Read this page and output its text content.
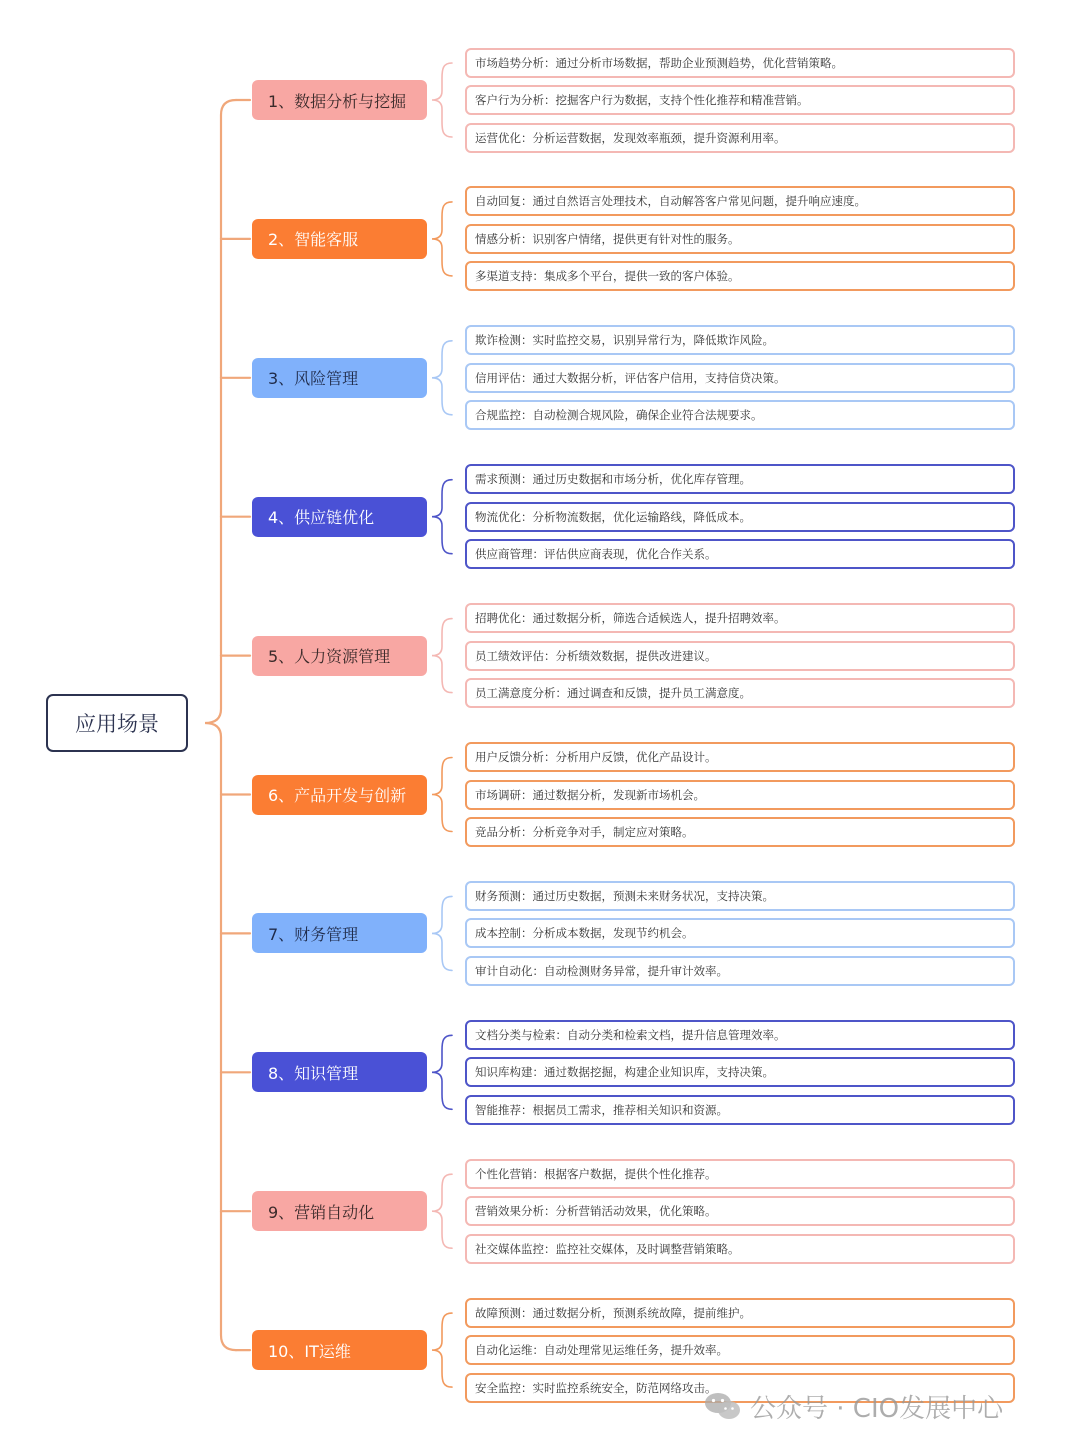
应用场景
1、数据分析与挖掘
市场趋势分析：通过分析市场数据，帮助企业预测趋势，优化营销策略。
客户行为分析：挖掘客户行为数据，支持个性化推荐和精准营销。
运营优化：分析运营数据，发现效率瓶颈，提升资源利用率。
2、智能客服
自动回复：通过自然语言处理技术，自动解答客户常见问题，提升响应速度。
情感分析：识别客户情绪，提供更有针对性的服务。
多渠道支持：集成多个平台，提供一致的客户体验。
3、风险管理
欺诈检测：实时监控交易，识别异常行为，降低欺诈风险。
信用评估：通过大数据分析，评估客户信用，支持信贷决策。
合规监控：自动检测合规风险，确保企业符合法规要求。
4、供应链优化
需求预测：通过历史数据和市场分析，优化库存管理。
物流优化：分析物流数据，优化运输路线，降低成本。
供应商管理：评估供应商表现，优化合作关系。
5、人力资源管理
招聘优化：通过数据分析，筛选合适候选人，提升招聘效率。
员工绩效评估：分析绩效数据，提供改进建议。
员工满意度分析：通过调查和反馈，提升员工满意度。
6、产品开发与创新
用户反馈分析：分析用户反馈，优化产品设计。
市场调研：通过数据分析，发现新市场机会。
竞品分析：分析竞争对手，制定应对策略。
7、财务管理
财务预测：通过历史数据，预测未来财务状况，支持决策。
成本控制：分析成本数据，发现节约机会。
审计自动化：自动检测财务异常，提升审计效率。
8、知识管理
文档分类与检索：自动分类和检索文档，提升信息管理效率。
知识库构建：通过数据挖掘，构建企业知识库，支持决策。
智能推荐：根据员工需求，推荐相关知识和资源。
9、营销自动化
个性化营销：根据客户数据，提供个性化推荐。
营销效果分析：分析营销活动效果，优化策略。
社交媒体监控：监控社交媒体，及时调整营销策略。
10、IT运维
故障预测：通过数据分析，预测系统故障，提前维护。
自动化运维：自动处理常见运维任务，提升效率。
安全监控：实时监控系统安全，防范网络攻击。
公众号 · CIO发展中心
